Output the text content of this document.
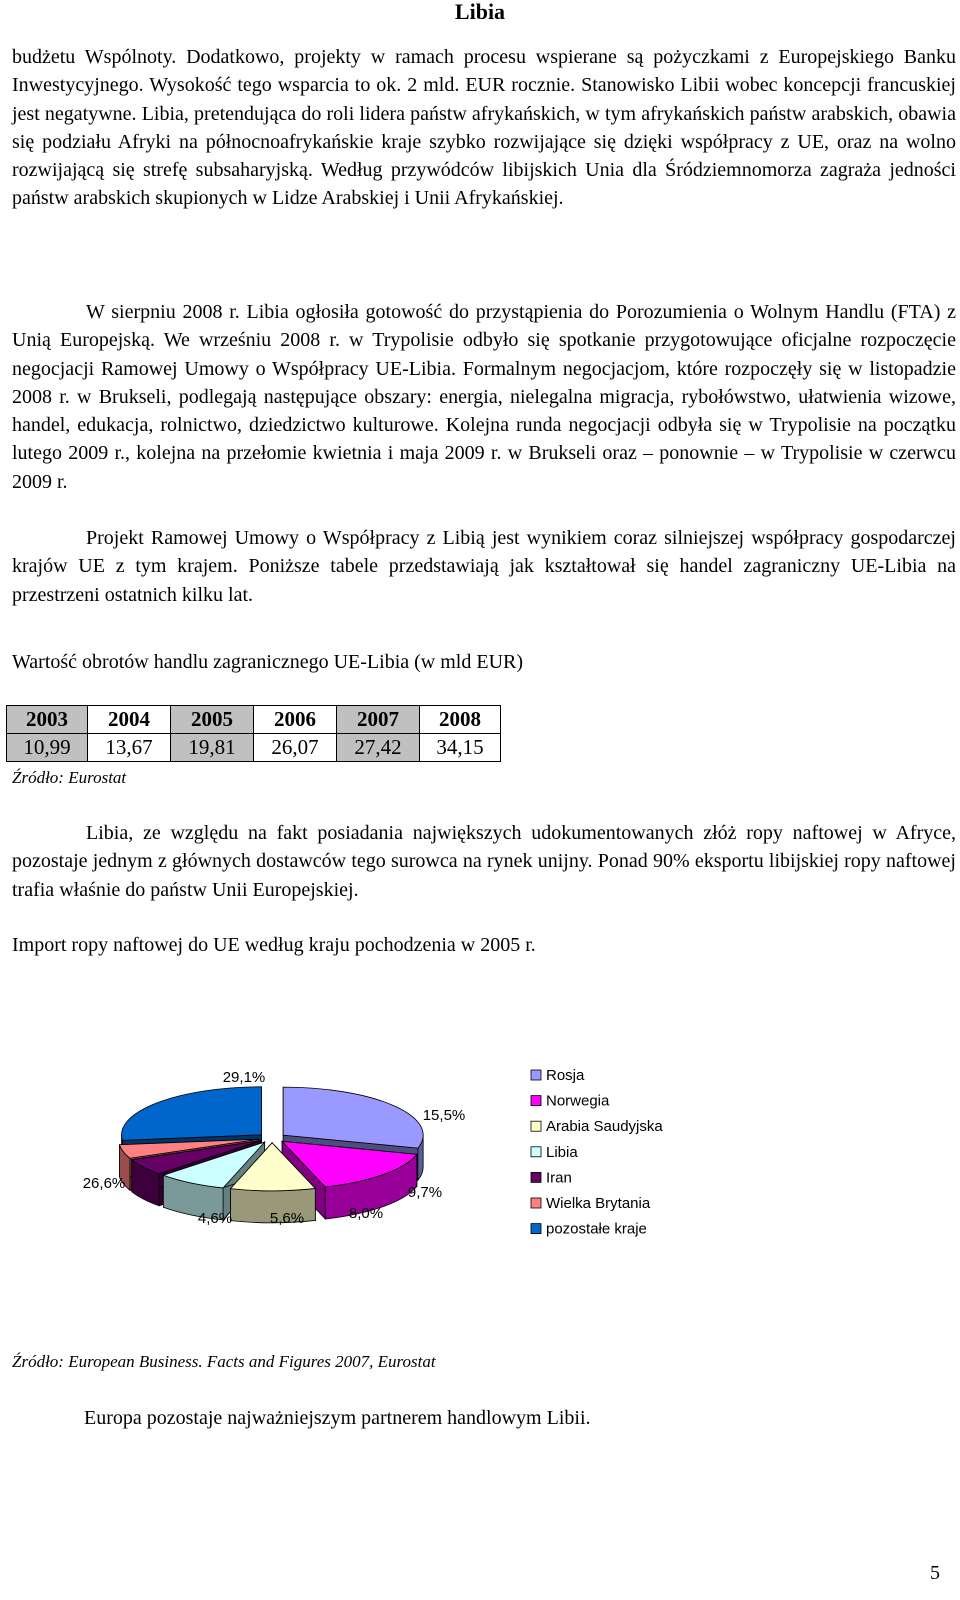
Libia

budżetu Wspólnoty. Dodatkowo, projekty w ramach procesu wspierane są pożyczkami z Europejskiego Banku Inwestycyjnego. Wysokość tego wsparcia to ok. 2 mld. EUR rocznie. Stanowisko Libii wobec koncepcji francuskiej jest negatywne. Libia, pretendująca do roli lidera państw afrykańskich, w tym afrykańskich państw arabskich, obawia się podziału Afryki na północnoafrykańskie kraje szybko rozwijające się dzięki współpracy z UE, oraz na wolno rozwijającą się strefę subsaharyjską. Według przywódców libijskich Unia dla Śródziemnomorza zagraża jedności państw arabskich skupionych w Lidze Arabskiej i Unii Afrykańskiej.

W sierpniu 2008 r. Libia ogłosiła gotowość do przystąpienia do Porozumienia o Wolnym Handlu (FTA) z Unią Europejską. We wrześniu 2008 r. w Trypolisie odbyło się spotkanie przygotowujące oficjalne rozpoczęcie negocjacji Ramowej Umowy o Współpracy UE-Libia. Formalnym negocjacjom, które rozpoczęły się w listopadzie 2008 r. w Brukseli, podlegają następujące obszary: energia, nielegalna migracja, rybołówstwo, ułatwienia wizowe, handel, edukacja, rolnictwo, dziedzictwo kulturowe. Kolejna runda negocjacji odbyła się w Trypolisie na początku lutego 2009 r., kolejna na przełomie kwietnia i maja 2009 r. w Brukseli oraz – ponownie – w Trypolisie w czerwcu 2009 r.

Projekt Ramowej Umowy o Współpracy z Libią jest wynikiem coraz silniejszej współpracy gospodarczej krajów UE z tym krajem. Poniższe tabele przedstawiają jak kształtował się handel zagraniczny UE-Libia na przestrzeni ostatnich kilku lat.

Wartość obrotów handlu zagranicznego UE-Libia (w mld EUR)
2003	2004	2005	2006	2007	2008
10,99	13,67	19,81	26,07	27,42	34,15
Źródło: Eurostat

Libia, ze względu na fakt posiadania największych udokumentowanych złóż ropy naftowej w Afryce, pozostaje jednym z głównych dostawców tego surowca na rynek unijny. Ponad 90% eksportu libijskiej ropy naftowej trafia właśnie do państw Unii Europejskiej.

Import ropy naftowej do UE według kraju pochodzenia w 2005 r.
29,1%
15,5%
9,7%
8,0%
5,6%
4,6%
26,6%
Rosja
Norwegia
Arabia Saudyjska
Libia
Iran
Wielka Brytania
pozostałe kraje
Źródło: European Business. Facts and Figures 2007, Eurostat

Europa pozostaje najważniejszym partnerem handlowym Libii.

5
